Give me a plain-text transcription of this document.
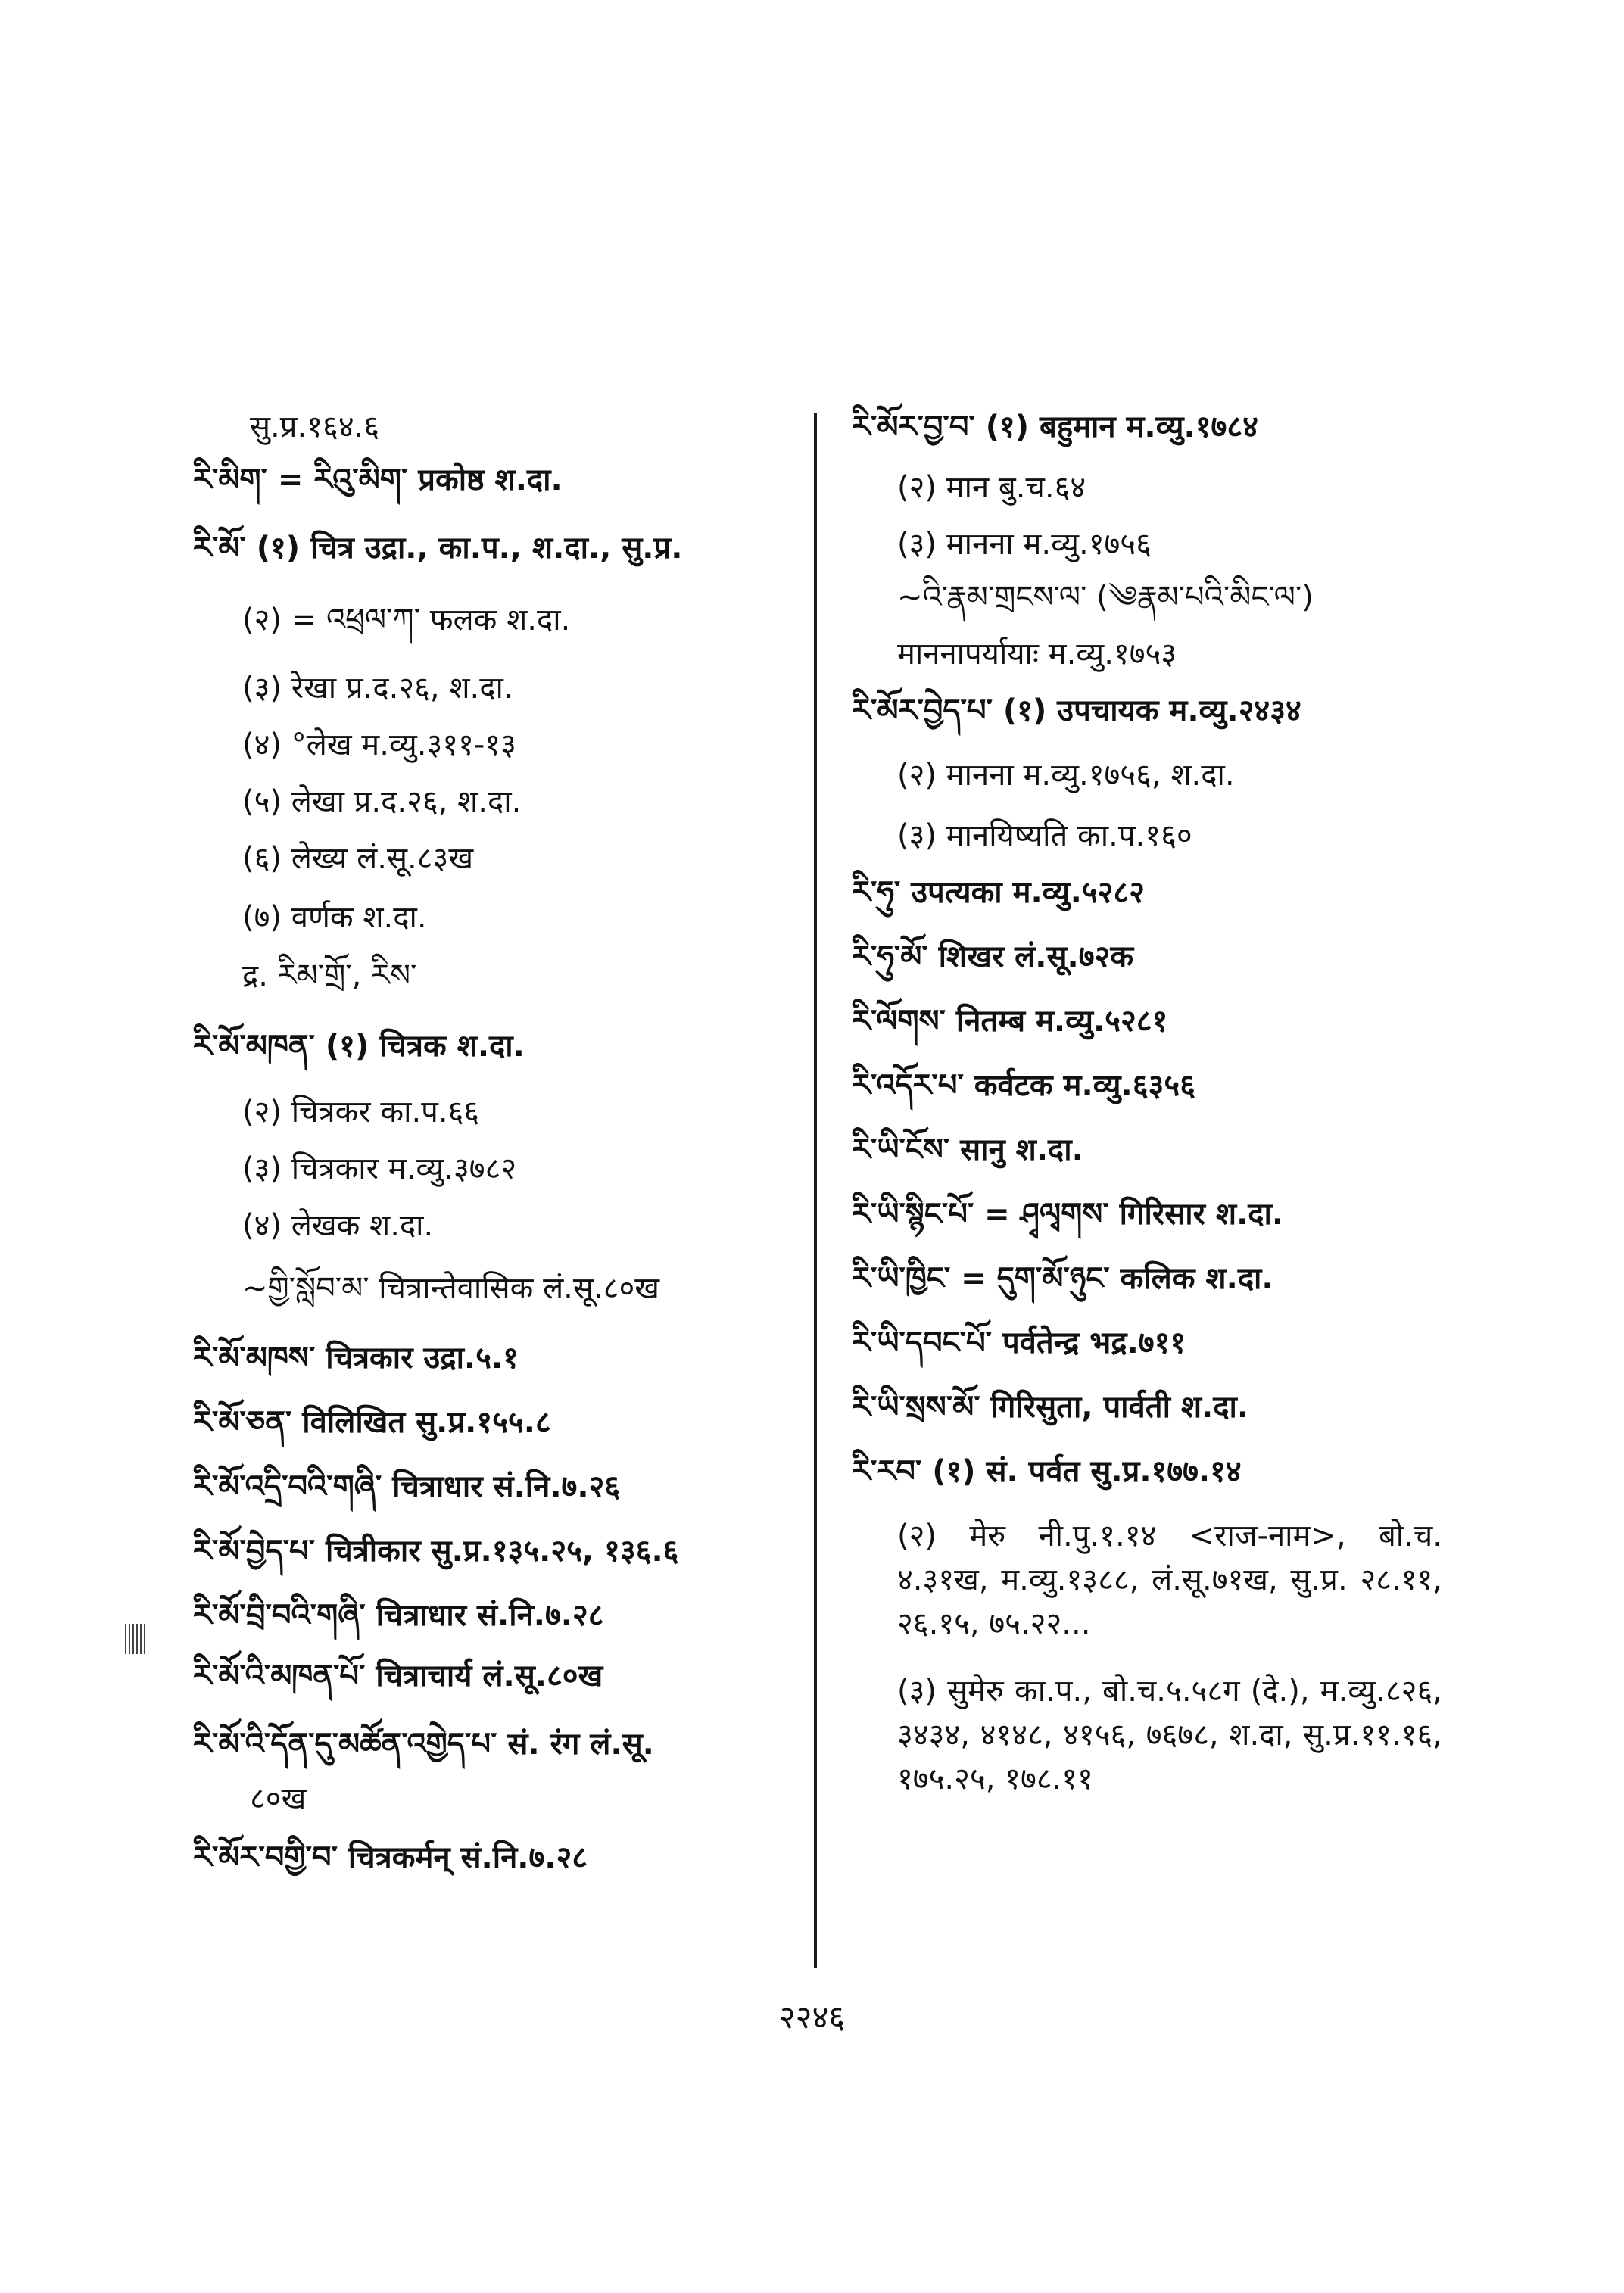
सु.प्र.१६४.६
རི་མིག་ = རིའུ་མིག་ प्रकोष्ठ श.दा.
རི་མོ་ (१) चित्र उद्रा., का.प., श.दा., सु.प्र.
(२) = འཕྲལ་ཀ་ फलक श.दा.
(३) रेखा प्र.द.२६, श.दा.
(४) °लेख म.व्यु.३११-१३
(५) लेखा प्र.द.२६, श.दा.
(६) लेख्य लं.सू.८३ख
(७) वर्णक श.दा.
द्र. རིམ་གྲོ་, རིས་
རི་མོ་མཁན་ (१) चित्रक श.दा.
(२) चित्रकर का.प.६६
(३) चित्रकार म.व्यु.३७८२
(४) लेखक श.दा.
~གྱི་སློབ་མ་ चित्रान्तेवासिक लं.सू.८०ख
རི་མོ་མཁས་ चित्रकार उद्रा.५.१
རི་མོ་ཅན་ विलिखित सु.प्र.१५५.८
རི་མོ་འདྲི་བའི་གཞི་ चित्राधार सं.नि.७.२६
རི་མོ་བྱེད་པ་ चित्रीकार सु.प्र.१३५.२५, १३६.६
རི་མོ་བྲི་བའི་གཞི་ चित्राधार सं.नि.७.२८
རི་མོ་འི་མཁན་པོ་ चित्राचार्य लं.सू.८०ख
རི་མོ་འི་དོན་དུ་མཚོན་འགྱེད་པ་ सं. रंग लं.सू.
८०ख
རི་མོར་བགྱི་བ་ चित्रकर्मन् सं.नि.७.२८
རི་མོར་བྱ་བ་ (१) बहुमान म.व्यु.१७८४
(२) मान बु.च.६४
(३) मानना म.व्यु.१७५६
~འི་རྣམ་གྲངས་ལ་ (༄རྣམ་པའི་མིང་ལ་)
माननापर्यायाः म.व्यु.१७५३
རི་མོར་བྱེད་པ་ (१) उपचायक म.व्यु.२४३४
(२) मानना म.व्यु.१७५६, श.दा.
(३) मानयिष्यति का.प.१६०
རི་ཧུ་ उपत्यका म.व्यु.५२८२
རི་ཧུ་མོ་ शिखर लं.सू.७२क
རི་ལོགས་ नितम्ब म.व्यु.५२८१
རི་འདོར་པ་ कर्वटक म.व्यु.६३५६
རི་ཡི་ངོས་ सानु श.दा.
རི་ཡི་སྙིང་པོ་ = ཤྭལྭགས་ गिरिसार श.दा.
རི་ཡི་ཁྱིང་ = དུག་མོ་ཉུང་ कलिक श.दा.
རི་ཡི་དབང་པོ་ पर्वतेन्द्र भद्र.७११
རི་ཡི་སྲས་མོ་ गिरिसुता, पार्वती श.दा.
རི་རབ་ (१) सं. पर्वत सु.प्र.१७७.१४
(२) मेरु नी.पु.१.१४ <राज-नाम>, बो.च. ४.३१ख, म.व्यु.१३८८, लं.सू.७१ख, सु.प्र. २८.११, २६.१५, ७५.२२...
(३) सुमेरु का.प., बो.च.५.५८ग (दे.), म.व्यु.८२६, ३४३४, ४१४८, ४१५६, ७६७८, श.दा, सु.प्र.११.१६, १७५.२५, १७८.११
२२४६
